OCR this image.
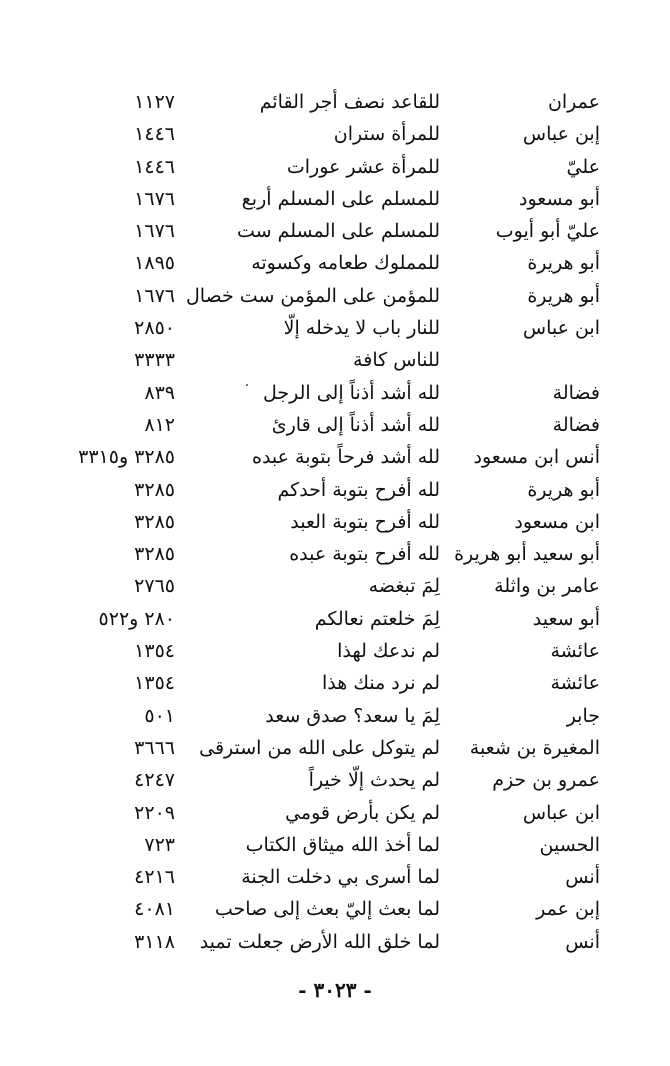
عمران
للقاعد نصف أجر القائم
١١٢٧
إبن عباس
للمرأة ستران
١٤٤٦
عليّ
للمرأة عشر عورات
١٤٤٦
أبو مسعود
للمسلم على المسلم أربع
١٦٧٦
عليّ أبو أيوب
للمسلم على المسلم ست
١٦٧٦
أبو هريرة
للمملوك طعامه وكسوته
١٨٩٥
أبو هريرة
للمؤمن على المؤمن ست خصال
١٦٧٦
ابن عباس
للنار باب لا يدخله إلّا
٢٨٥٠
للناس كافة
٣٣٣٣
فضالة
لله أشد أذناً إلى الرجل
٨٣٩
فضالة
لله أشد أذناً إلى قارئ
٨١٢
أنس ابن مسعود
لله أشد فرحاً بتوبة عبده
٣٢٨٥ و٣٣١٥
أبو هريرة
لله أفرح بتوبة أحدكم
٣٢٨٥
ابن مسعود
لله أفرح بتوبة العبد
٣٢٨٥
أبو سعيد أبو هريرة
لله أفرح بتوبة عبده
٣٢٨٥
عامر بن واثلة
لِمَ تبغضه
٢٧٦٥
أبو سعيد
لِمَ خلعتم نعالكم
٢٨٠ و٥٢٢
عائشة
لم ندعك لهذا
١٣٥٤
عائشة
لم نرد منك هذا
١٣٥٤
جابر
لِمَ يا سعد؟ صدق سعد
٥٠١
المغيرة بن شعبة
لم يتوكل على الله من استرقى
٣٦٦٦
عمرو بن حزم
لم يحدث إلّا خيراً
٤٢٤٧
ابن عباس
لم يكن بأرض قومي
٢٢٠٩
الحسين
لما أخذ الله ميثاق الكتاب
٧٢٣
أنس
لما أسرى بي دخلت الجنة
٤٢١٦
إبن عمر
لما بعث إليّ بعث إلى صاحب
٤٠٨١
أنس
لما خلق الله الأرض جعلت تميد
٣١١٨
- ٣٠٢٣ -
